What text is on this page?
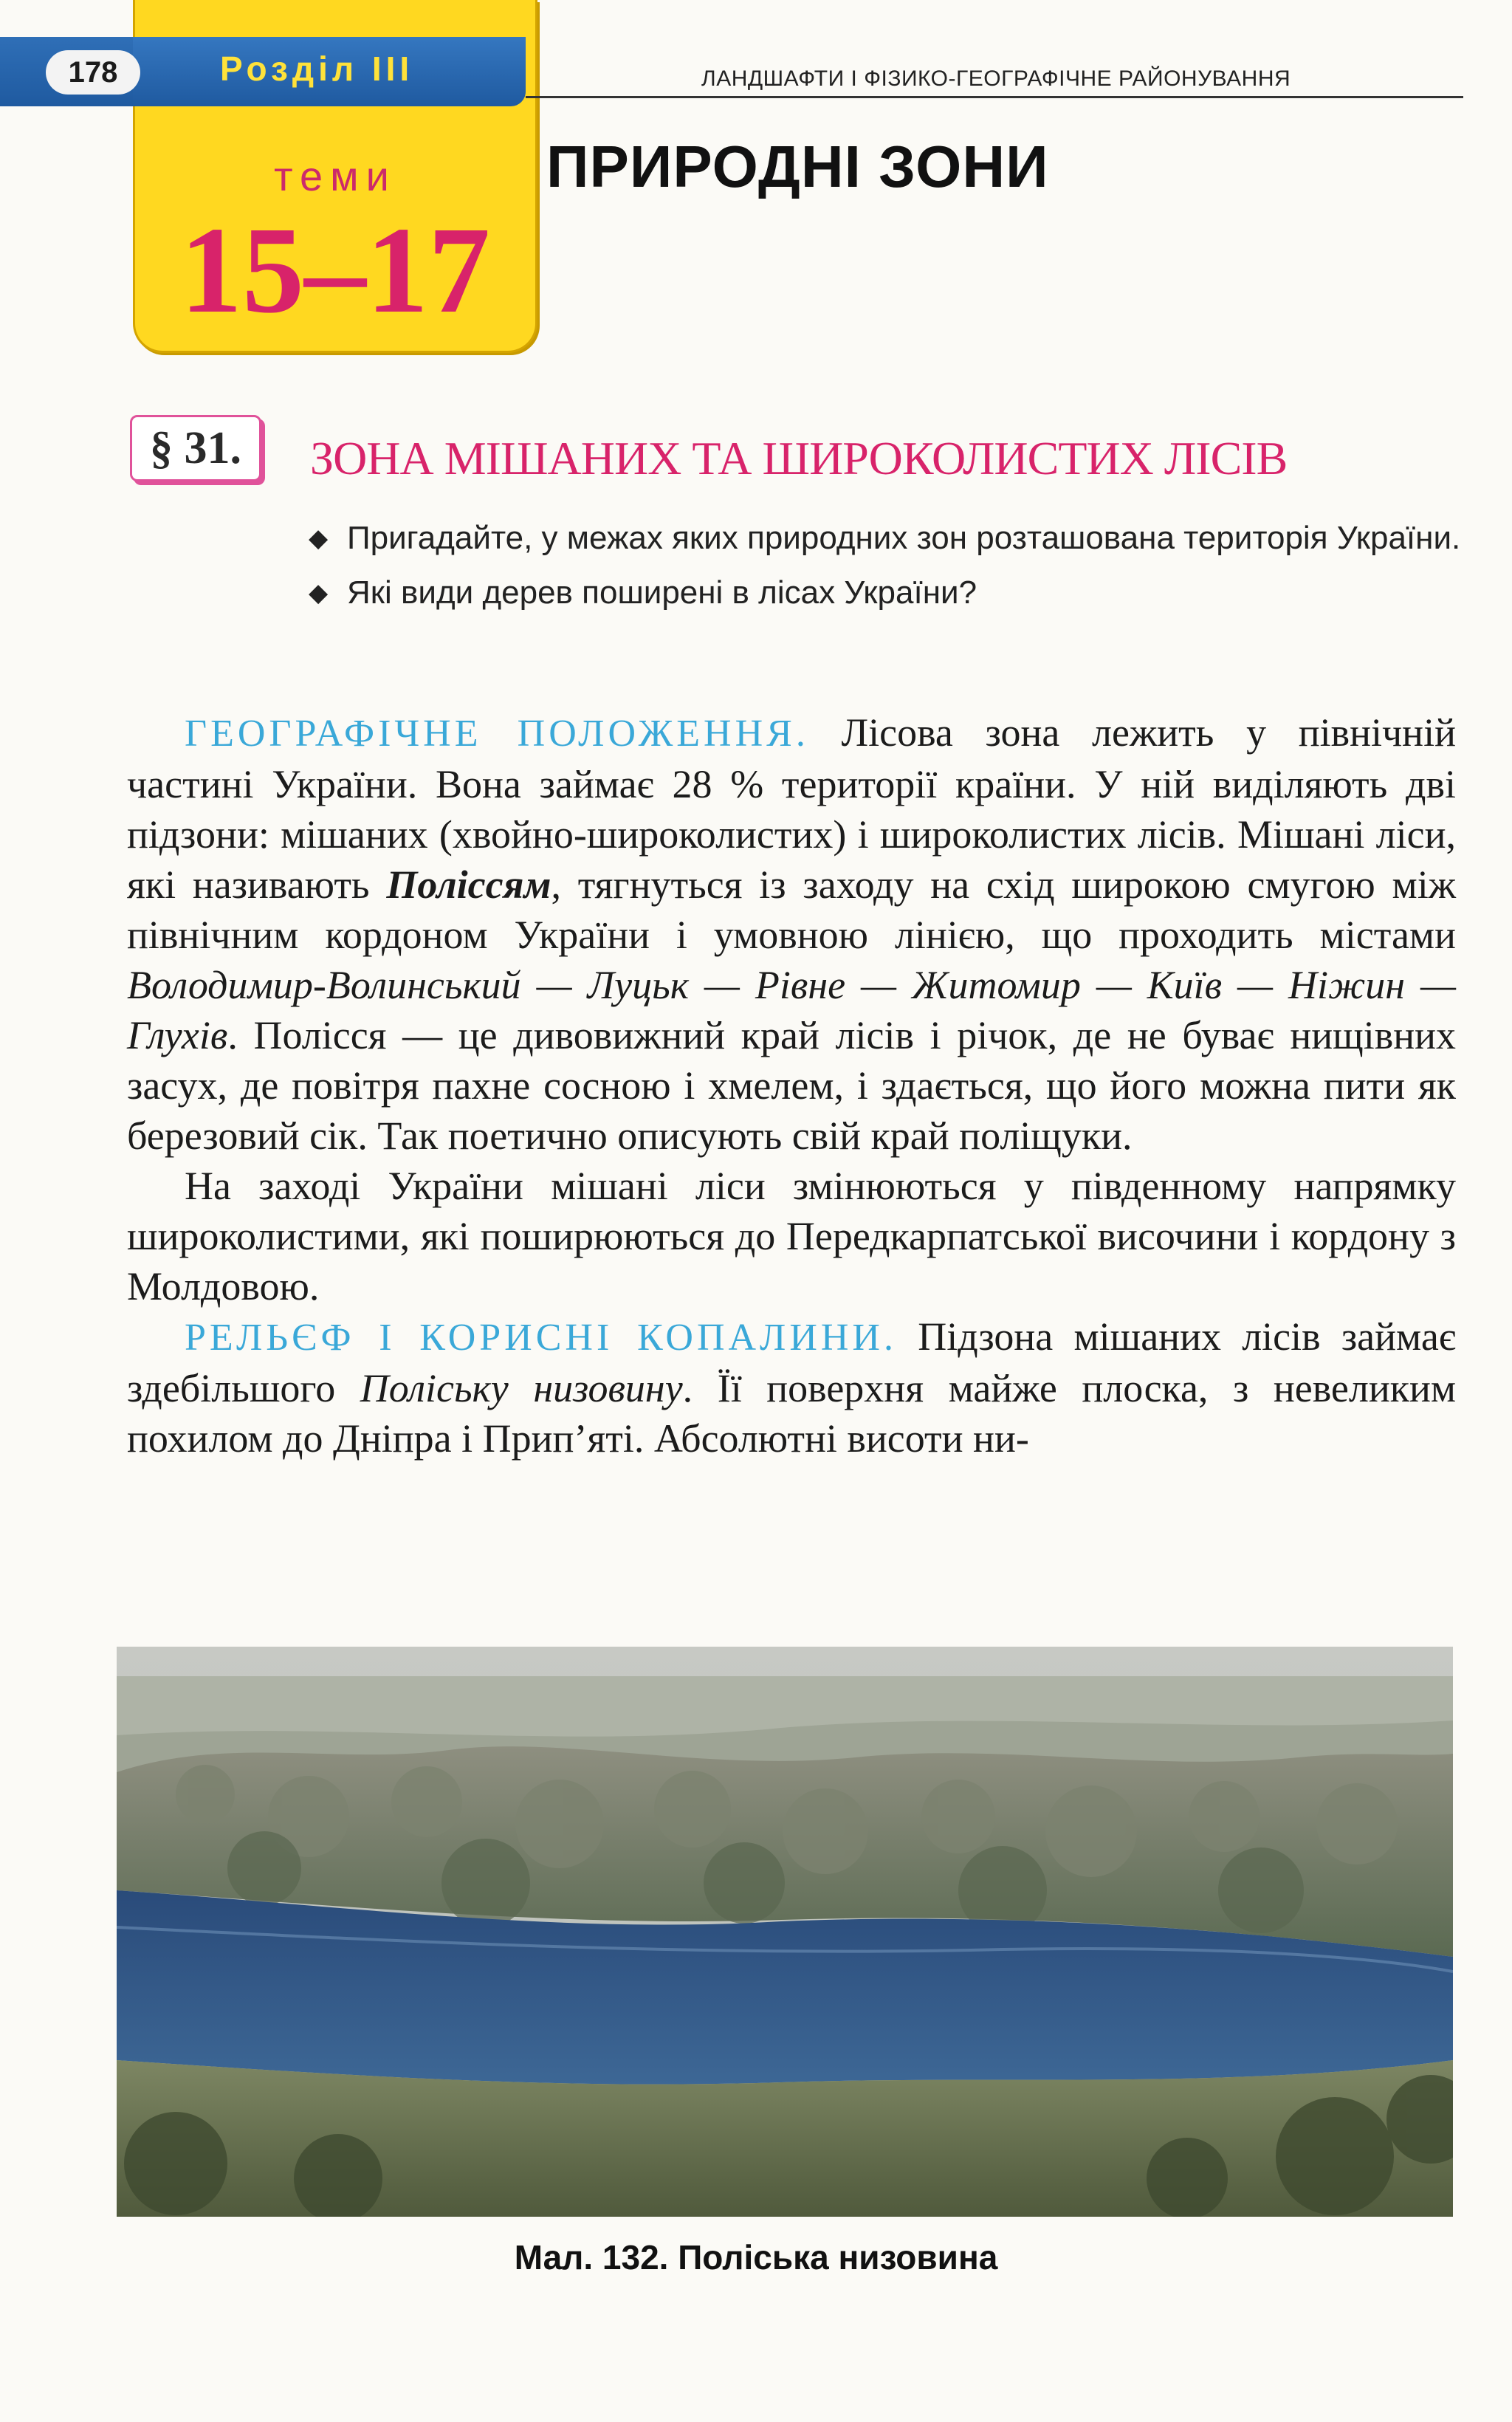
178	Розділ III	ЛАНДШАФТИ І ФІЗИКО-ГЕОГРАФІЧНЕ РАЙОНУВАННЯ
теми
15–17
ПРИРОДНІ ЗОНИ
§ 31.	ЗОНА МІШАНИХ ТА ШИРОКОЛИСТИХ ЛІСІВ
◆ Пригадайте, у межах яких природних зон розташована територія України.
◆ Які види дерев поширені в лісах України?

ГЕОГРАФІЧНЕ ПОЛОЖЕННЯ. Лісова зона лежить у північній частині України. Вона займає 28 % території країни. У ній виділяють дві підзони: мішаних (хвойно-широколистих) і широколистих лісів. Мішані ліси, які називають Поліссям, тягнуться із заходу на схід широкою смугою між північним кордоном України і умовною лінією, що проходить містами Володимир-Волинський — Луцьк — Рівне — Житомир — Київ — Ніжин — Глухів. Полісся — це дивовижний край лісів і річок, де не буває нищівних засух, де повітря пахне сосною і хмелем, і здається, що його можна пити як березовий сік. Так поетично описують свій край поліщуки.

На заході України мішані ліси змінюються у південному напрямку широколистими, які поширюються до Передкарпатської височини і кордону з Молдовою.

РЕЛЬЄФ І КОРИСНІ КОПАЛИНИ. Підзона мішаних лісів займає здебільшого Поліську низовину. Її поверхня майже плоска, з невеликим похилом до Дніпра і Прип’яті. Абсолютні висоти ни-

Мал. 132. Поліська низовина
